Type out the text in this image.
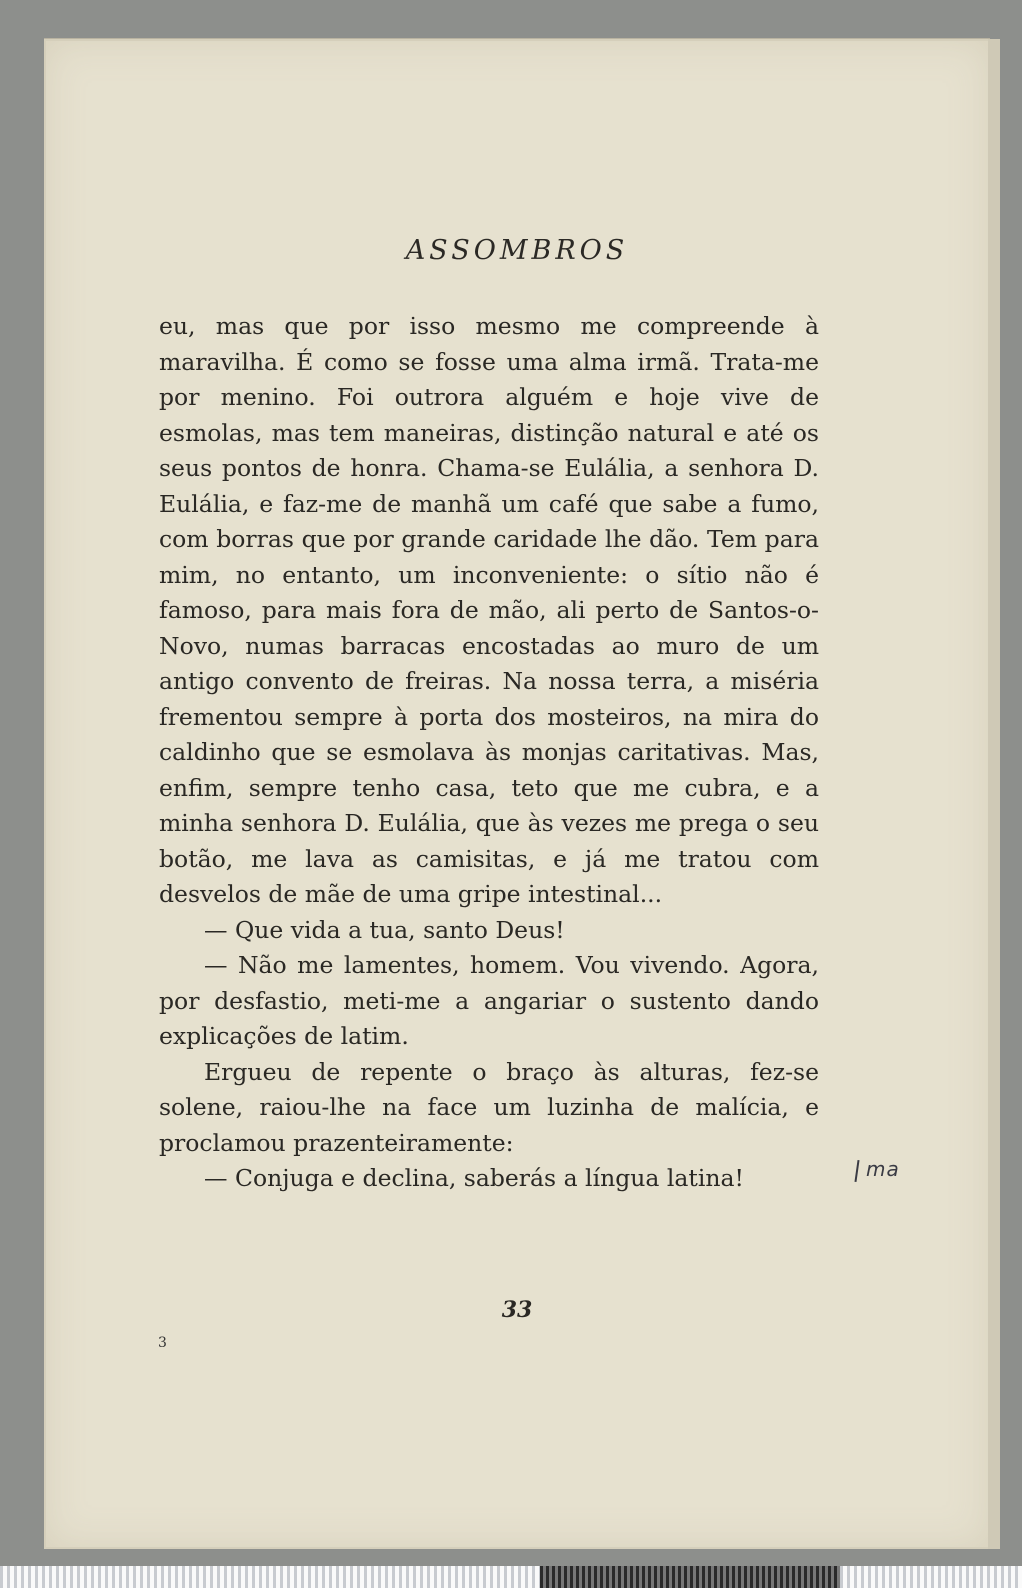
ASSOMBROS

eu, mas que por isso mesmo me compreende à maravilha. É como se fosse uma alma irmã. Trata-me por menino. Foi outrora alguém e hoje vive de esmolas, mas tem maneiras, distinção natural e até os seus pontos de honra. Chama-se Eulália, a senhora D. Eulália, e faz-me de manhã um café que sabe a fumo, com borras que por grande caridade lhe dão. Tem para mim, no entanto, um inconveniente: o sítio não é famoso, para mais fora de mão, ali perto de Santos-o-Novo, numas barracas encostadas ao muro de um antigo convento de freiras. Na nossa terra, a miséria frementou sempre à porta dos mosteiros, na mira do caldinho que se esmolava às monjas caritativas. Mas, enfim, sempre tenho casa, teto que me cubra, e a minha senhora D. Eulália, que às vezes me prega o seu botão, me lava as camisitas, e já me tratou com desvelos de mãe de uma gripe intestinal...

— Que vida a tua, santo Deus!

— Não me lamentes, homem. Vou vivendo. Agora, por desfastio, meti-me a angariar o sustento dando explicações de latim.

Ergueu de repente o braço às alturas, fez-se solene, raiou-lhe na face um luzinha de malícia, e proclamou prazenteiramente:

— Conjuga e declina, saberás a língua latina!

33
3
ma
